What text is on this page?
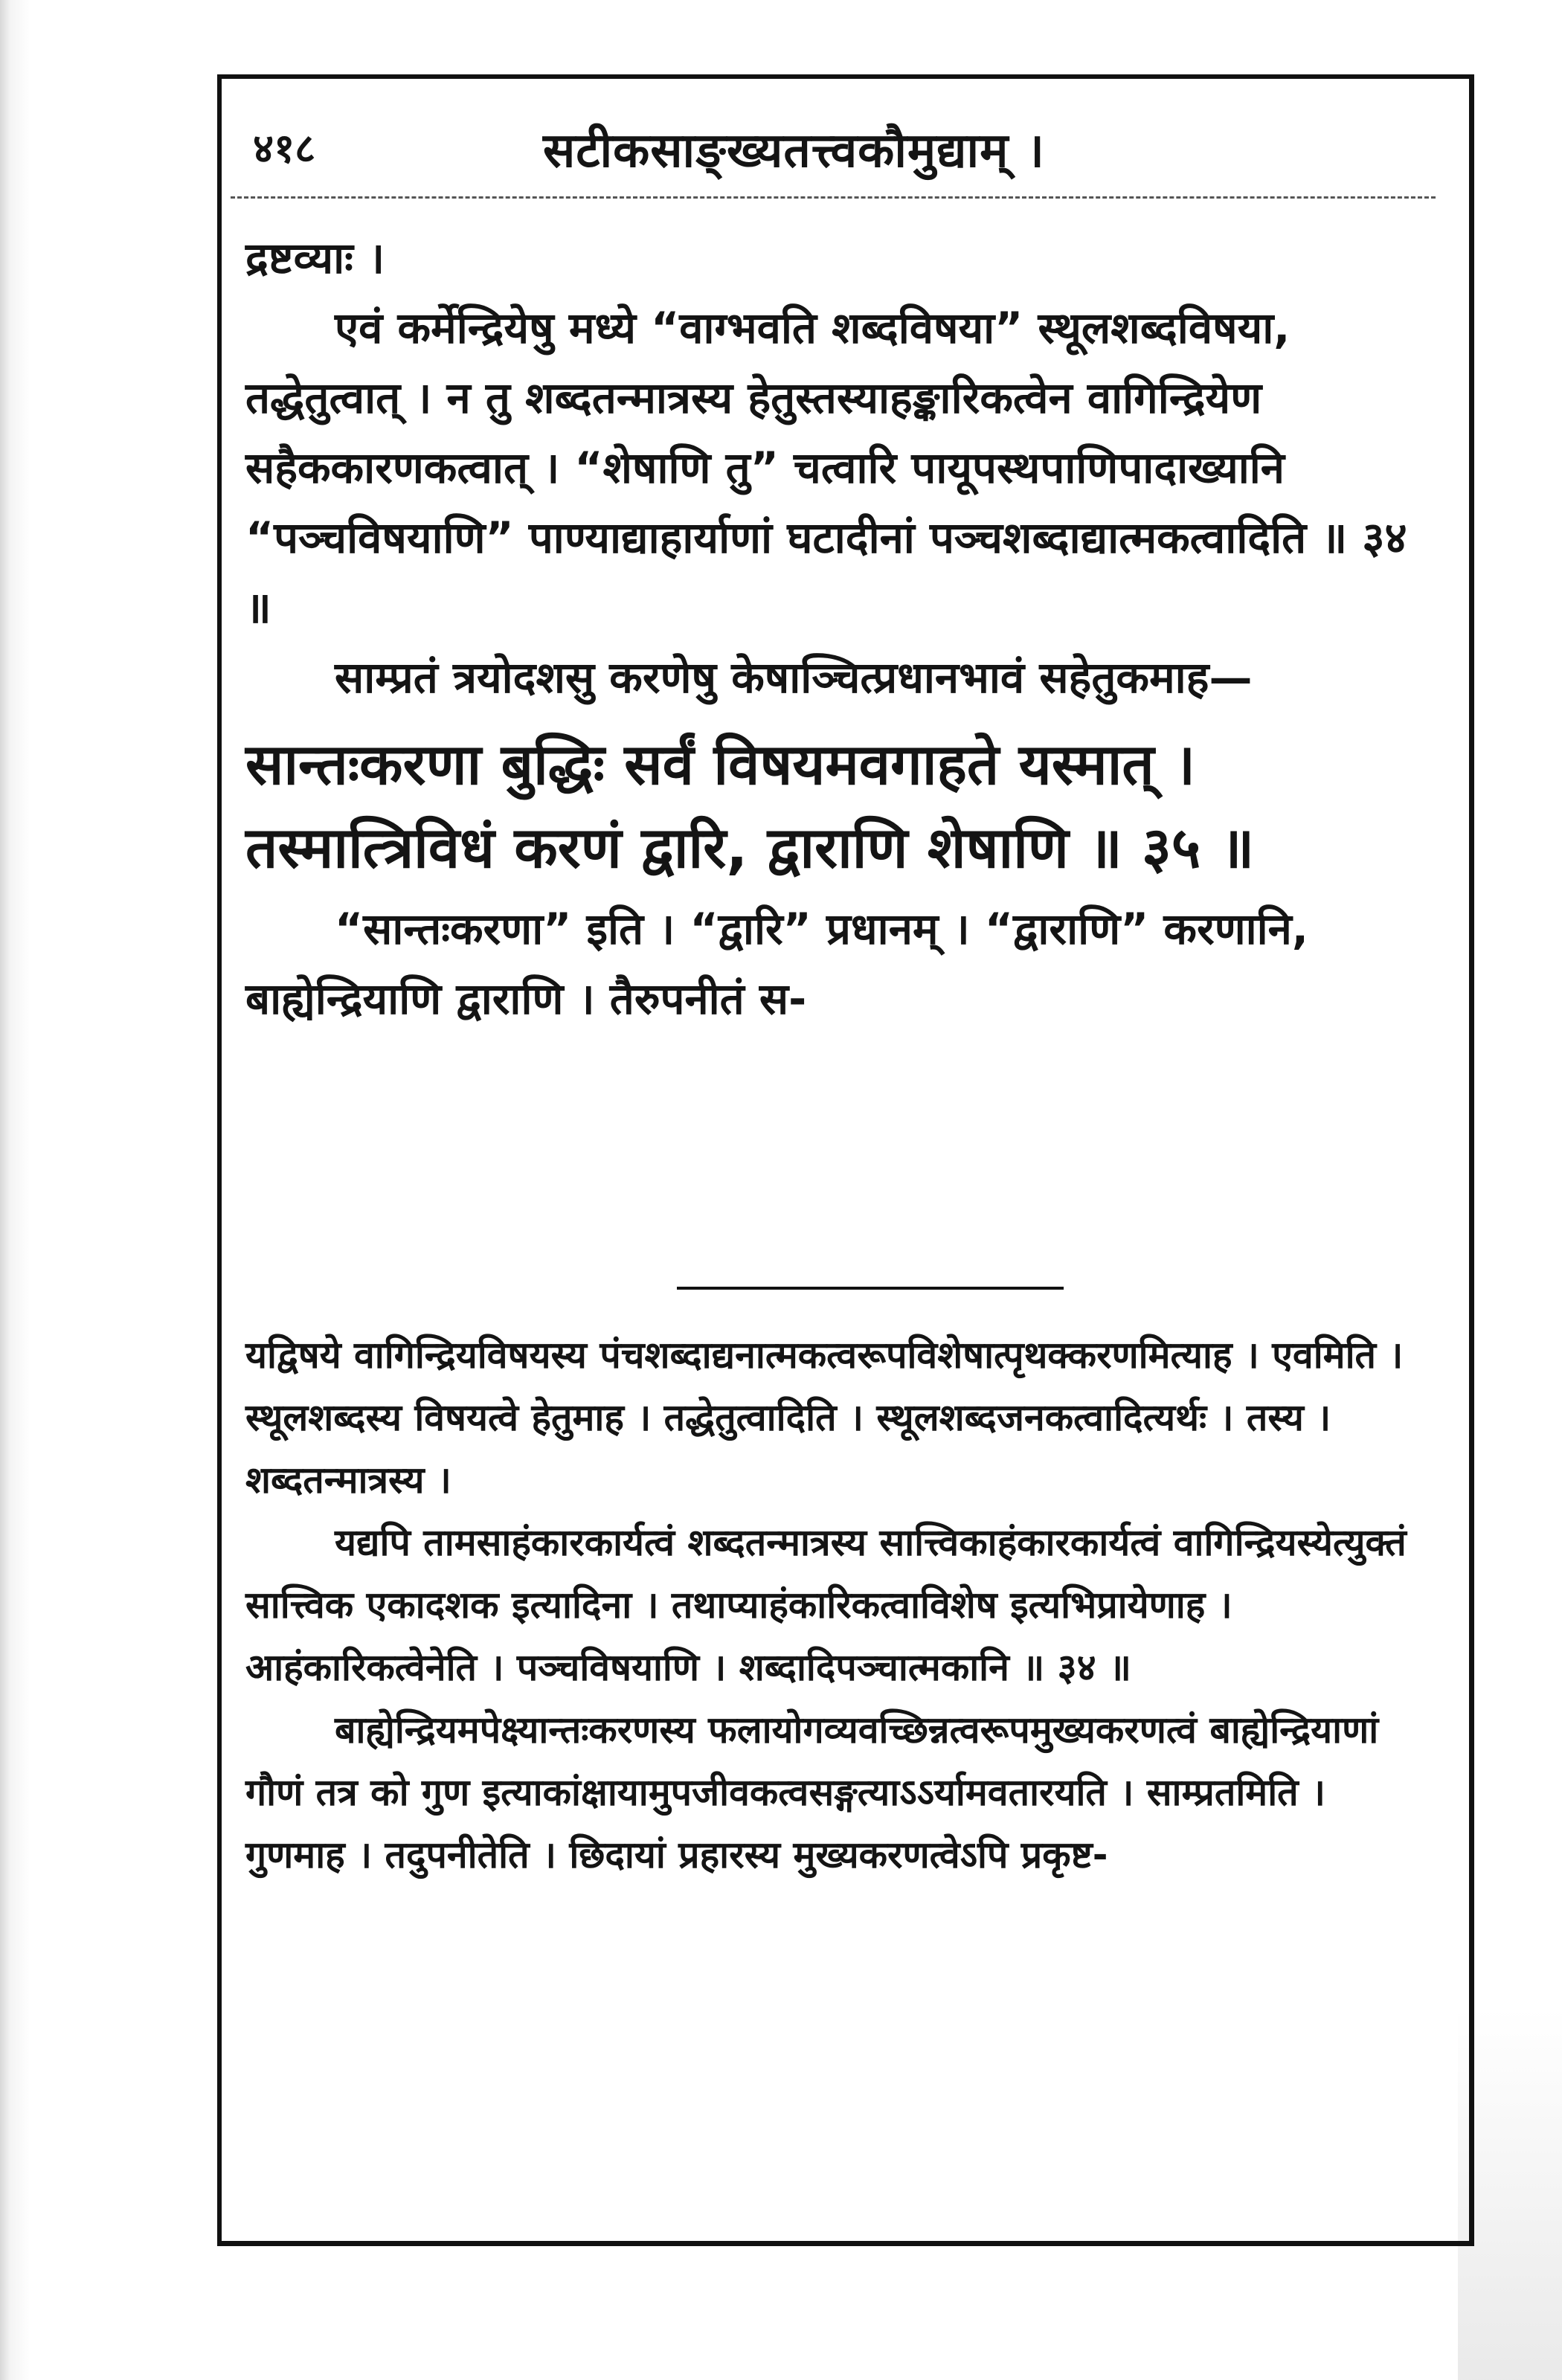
४१८	सटीकसाङ्ख्यतत्त्वकौमुद्याम् ।

द्रष्टव्याः ।

एवं कर्मेन्द्रियेषु मध्ये “वाग्भवति शब्दविषया” स्थूलशब्दविषया, तद्धेतुत्वात् । न तु शब्दतन्मात्रस्य हेतुस्तस्याहङ्कारिकत्वेन वागिन्द्रियेण सहैककारणकत्वात् । “शेषाणि तु” चत्वारि पायूपस्थपाणिपादाख्यानि “पञ्चविषयाणि” पाण्याद्याहार्याणां घटादीनां पञ्चशब्दाद्यात्मकत्वादिति ॥ ३४ ॥

साम्प्रतं त्रयोदशसु करणेषु केषाञ्चित्प्रधानभावं सहेतुकमाह—

सान्तःकरणा बुद्धिः सर्वं विषयमवगाहते यस्मात् ।

तस्मात्त्रिविधं करणं द्वारि, द्वाराणि शेषाणि ॥ ३५ ॥

“सान्तःकरणा” इति । “द्वारि” प्रधानम् । “द्वाराणि” करणानि, बाह्येन्द्रियाणि द्वाराणि । तैरुपनीतं स-

यद्विषये वागिन्द्रियविषयस्य पंचशब्दाद्यनात्मकत्वरूपविशेषात्पृथक्करणमित्याह । एवमिति । स्थूलशब्दस्य विषयत्वे हेतुमाह । तद्धेतुत्वादिति । स्थूलशब्दजनकत्वादित्यर्थः । तस्य । शब्दतन्मात्रस्य ।

यद्यपि तामसाहंकारकार्यत्वं शब्दतन्मात्रस्य सात्त्विकाहंकारकार्यत्वं वागिन्द्रियस्येत्युक्तं सात्त्विक एकादशक इत्यादिना । तथाप्याहंकारिकत्वाविशेष इत्यभिप्रायेणाह । आहंकारिकत्वेनेति । पञ्चविषयाणि । शब्दादिपञ्चात्मकानि ॥ ३४ ॥

बाह्येन्द्रियमपेक्ष्यान्तःकरणस्य फलायोगव्यवच्छिन्नत्वरूपमुख्यकरणत्वं बाह्येन्द्रियाणां गौणं तत्र को गुण इत्याकांक्षायामुपजीवकत्वसङ्गत्याऽऽर्यामवतारयति । साम्प्रतमिति । गुणमाह । तदुपनीतेति । छिदायां प्रहारस्य मुख्यकरणत्वेऽपि प्रकृष्ट-
